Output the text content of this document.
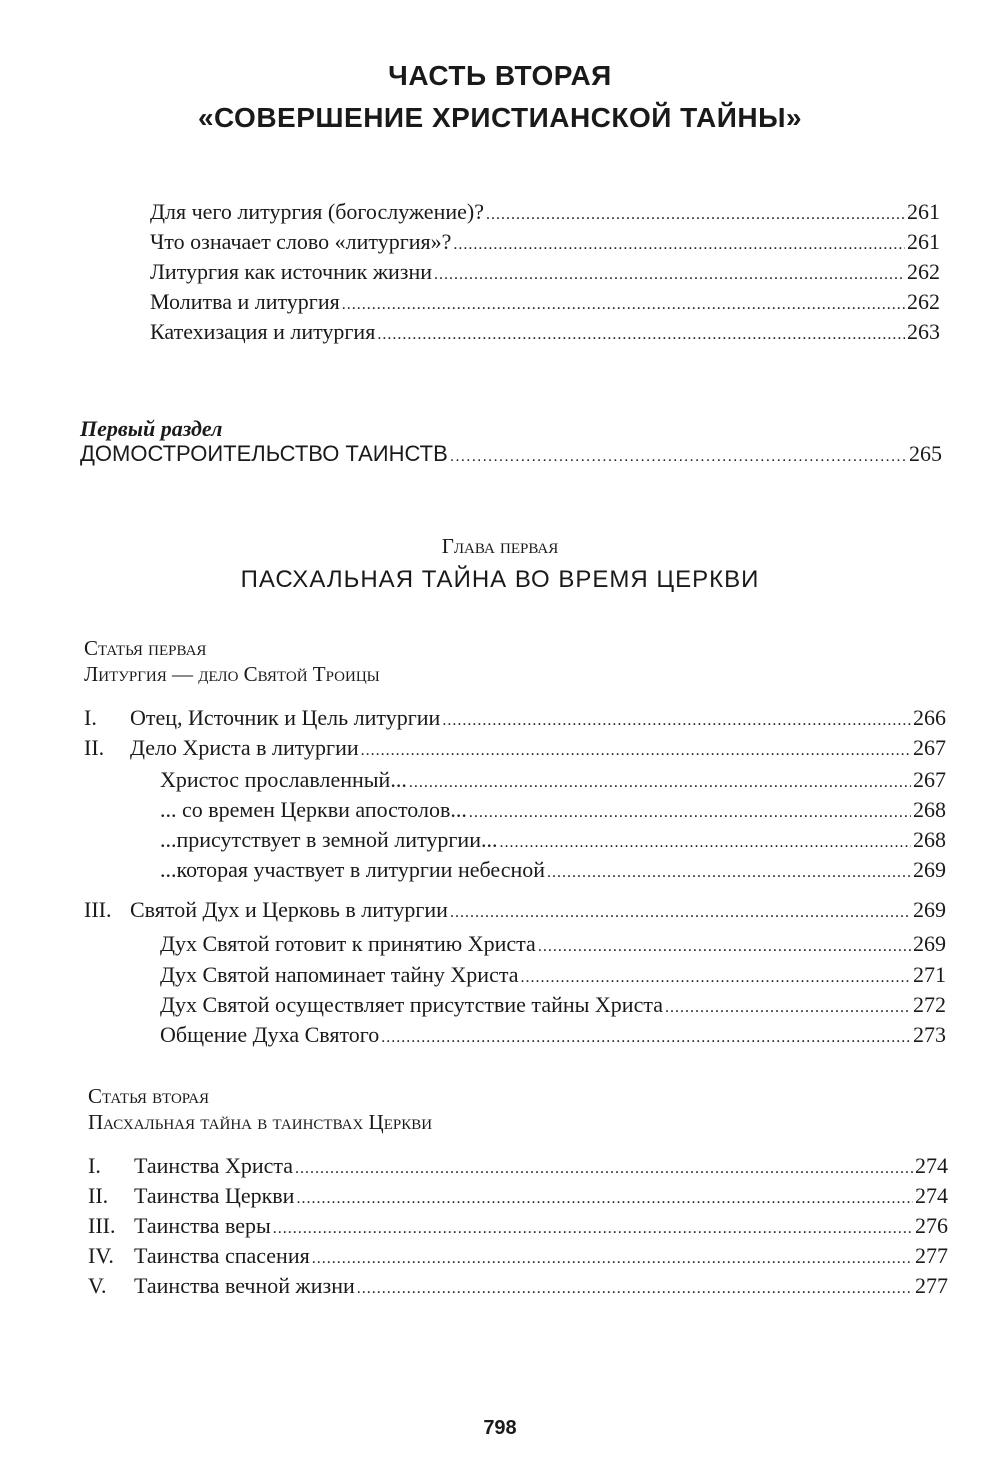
ЧАСТЬ ВТОРАЯ
«СОВЕРШЕНИЕ ХРИСТИАНСКОЙ ТАЙНЫ»
Для чего литургия (богослужение)? .....	261
Что означает слово «литургия»? .....	261
Литургия как источник жизни .....	262
Молитва и литургия .....	262
Катехизация и литургия .....	263
Первый раздел
ДОМОСТРОИТЕЛЬСТВО ТАИНСТВ .....	265
Глава первая
ПАСХАЛЬНАЯ ТАЙНА ВО ВРЕМЯ ЦЕРКВИ
Статья первая
Литургия — дело Святой Троицы
I.	Отец, Источник и Цель литургии .....	266
II.	Дело Христа в литургии .....	267
Христос прославленный... .....	267
... со времен Церкви апостолов... .....	268
...присутствует в земной литургии... .....	268
...которая участвует в литургии небесной .....	269
III. Святой Дух и Церковь в литургии .....	269
Дух Святой готовит к принятию Христа .....	269
Дух Святой напоминает тайну Христа .....	271
Дух Святой осуществляет присутствие тайны Христа .....	272
Общение Духа Святого .....	273
Статья вторая
Пасхальная тайна в таинствах Церкви
I.	Таинства Христа .....	274
II.	Таинства Церкви .....	274
III. Таинства веры .....	276
IV. Таинства спасения .....	277
V.	Таинства вечной жизни .....	277
798
